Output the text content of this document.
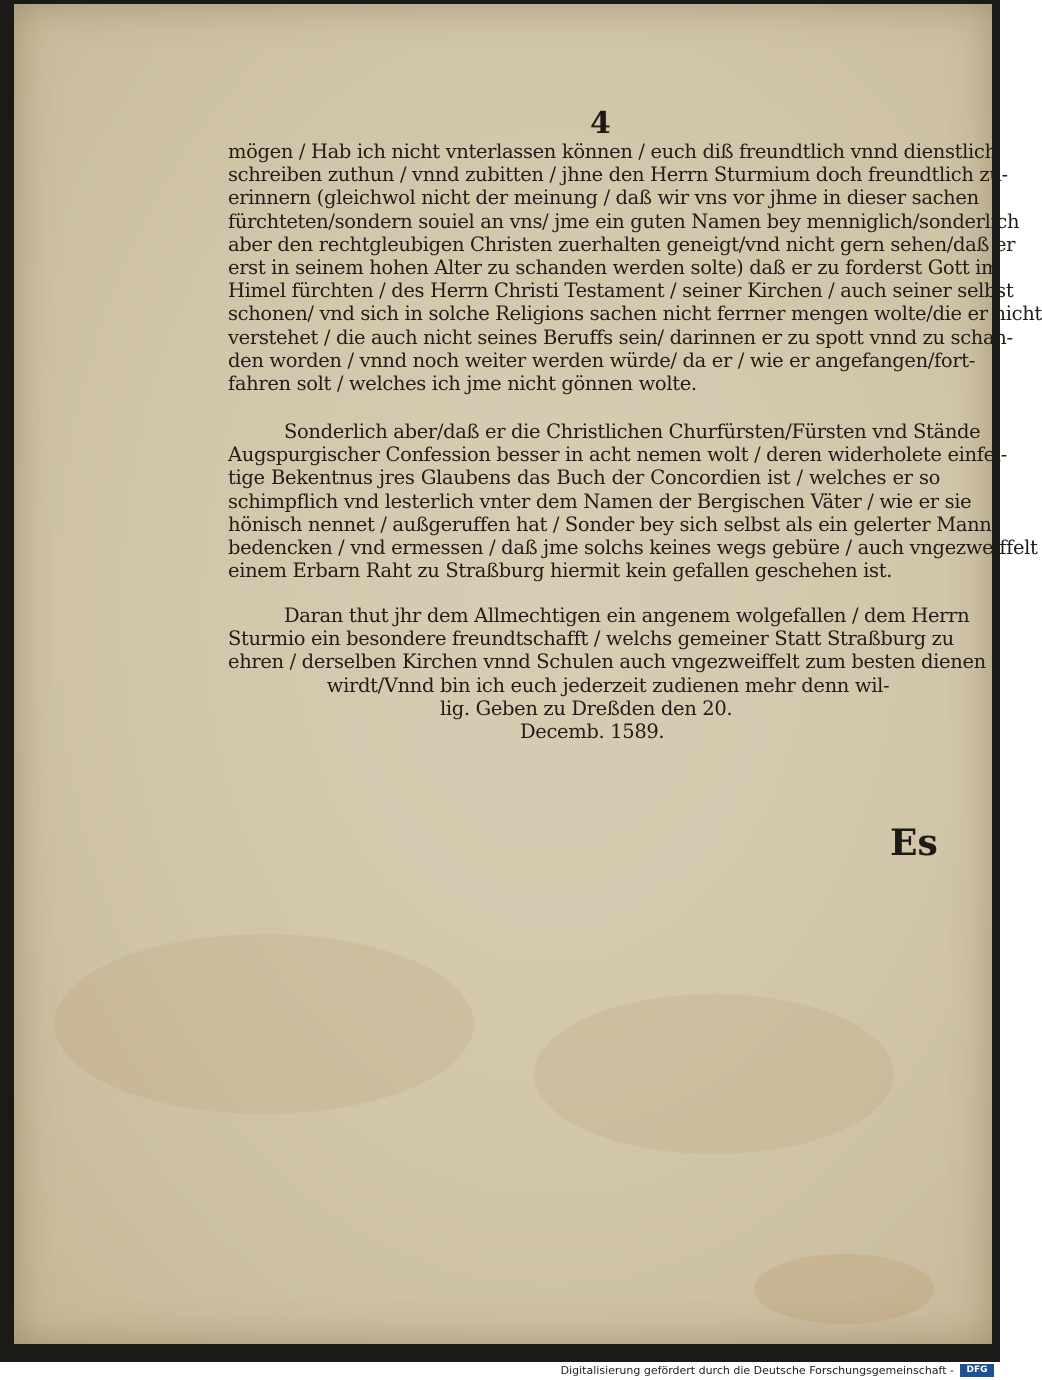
4
mögen / Hab ich nicht vnterlassen können / euch diß freundtlich vnnd dienstlich
schreiben zuthun / vnnd zubitten / jhne den Herrn Sturmium doch freundtlich zu-
erinnern (gleichwol nicht der meinung / daß wir vns vor jhme in dieser sachen
fürchteten/sondern souiel an vns/ jme ein guten Namen bey menniglich/sonderlich
aber den rechtgleubigen Christen zuerhalten geneigt/vnd nicht gern sehen/daß er
erst in seinem hohen Alter zu schanden werden solte) daß er zu forderst Gott im
Himel fürchten / des Herrn Christi Testament / seiner Kirchen / auch seiner selbst
schonen/ vnd sich in solche Religions sachen nicht ferrner mengen wolte/die er nicht
verstehet / die auch nicht seines Beruffs sein/ darinnen er zu spott vnnd zu schan-
den worden / vnnd noch weiter werden würde/ da er / wie er angefangen/fort-
fahren solt / welches ich jme nicht gönnen wolte.
Sonderlich aber/daß er die Christlichen Churfürsten/Fürsten vnd Stände
Augspurgischer Confession besser in acht nemen wolt / deren widerholete einfel-
tige Bekentnus jres Glaubens das Buch der Concordien ist / welches er so
schimpflich vnd lesterlich vnter dem Namen der Bergischen Väter / wie er sie
hönisch nennet / außgeruffen hat / Sonder bey sich selbst als ein gelerter Mann
bedencken / vnd ermessen / daß jme solchs keines wegs gebüre / auch vngezweiffelt
einem Erbarn Raht zu Straßburg hiermit kein gefallen geschehen ist.
Daran thut jhr dem Allmechtigen ein angenem wolgefallen / dem Herrn
Sturmio ein besondere freundtschafft / welchs gemeiner Statt Straßburg zu
ehren / derselben Kirchen vnnd Schulen auch vngezweiffelt zum besten dienen
wirdt/Vnnd bin ich euch jederzeit zudienen mehr denn wil-
lig. Geben zu Dreßden den 20.
Decemb. 1589.
Es
Digitalisierung gefördert durch die Deutsche Forschungsgemeinschaft -	DFG
